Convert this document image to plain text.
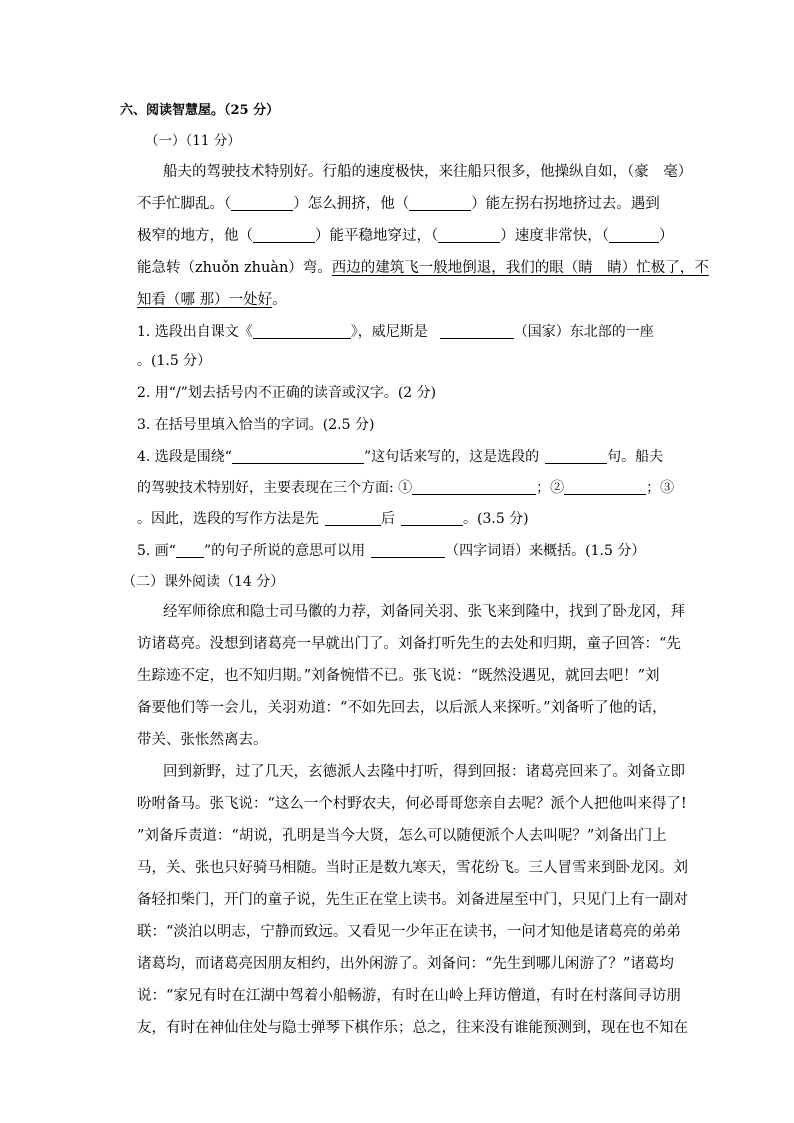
六、阅读智慧屋。（25 分）
（一）（11 分）
船夫的驾驶技术特别好。行船的速度极快，来往船只很多，他操纵自如，（豪　毫）
不手忙脚乱。（	）怎么拥挤，他（	）能左拐右拐地挤过去。遇到
极窄的地方，他（	）能平稳地穿过，（	）速度非常快，（	）
能急转（zhuǒn zhuàn）弯。西边的建筑飞一般地倒退，我们的眼（睛　睛）忙极了，不
知看（哪 那）一处好。
1. 选段出自课文《	》，威尼斯是	（国家）东北部的一座
。(1.5 分）
2. 用“/”划去括号内不正确的读音或汉字。(2 分)
3. 在括号里填入恰当的字词。(2.5 分)
4. 选段是围绕“	”这句话来写的，这是选段的	句。船夫
的驾驶技术特别好，主要表现在三个方面: ①	；②	；③
。因此，选段的写作方法是先	后	。(3.5 分)
5. 画“ ”的句子所说的意思可以用	（四字词语）来概括。(1.5 分）
（二）课外阅读（14 分）
经军师徐庶和隐士司马徽的力荐，刘备同关羽、张飞来到隆中，找到了卧龙冈，拜
访诸葛亮。没想到诸葛亮一早就出门了。刘备打听先生的去处和归期，童子回答：“先
生踪迹不定，也不知归期。”刘备惋惜不已。张飞说：“既然没遇见，就回去吧！”刘
备要他们等一会儿，关羽劝道：“不如先回去，以后派人来探听。”刘备听了他的话，
带关、张怅然离去。
回到新野，过了几天，玄德派人去隆中打听，得到回报：诸葛亮回来了。刘备立即
吩咐备马。张飞说：“这么一个村野农夫，何必哥哥您亲自去呢？派个人把他叫来得了!
”刘备斥责道：“胡说，孔明是当今大贤，怎么可以随便派个人去叫呢？”刘备出门上
马，关、张也只好骑马相随。当时正是数九寒天，雪花纷飞。三人冒雪来到卧龙冈。刘
备轻扣柴门，开门的童子说，先生正在堂上读书。刘备进屋至中门，只见门上有一副对
联：“淡泊以明志，宁静而致远。又看见一少年正在读书，一问才知他是诸葛亮的弟弟
诸葛均，而诸葛亮因朋友相约，出外闲游了。刘备问：“先生到哪儿闲游了？”诸葛均
说：“家兄有时在江湖中驾着小船畅游，有时在山岭上拜访僧道，有时在村落间寻访朋
友，有时在神仙住处与隐士弹琴下棋作乐；总之，往来没有谁能预测到，现在也不知在
